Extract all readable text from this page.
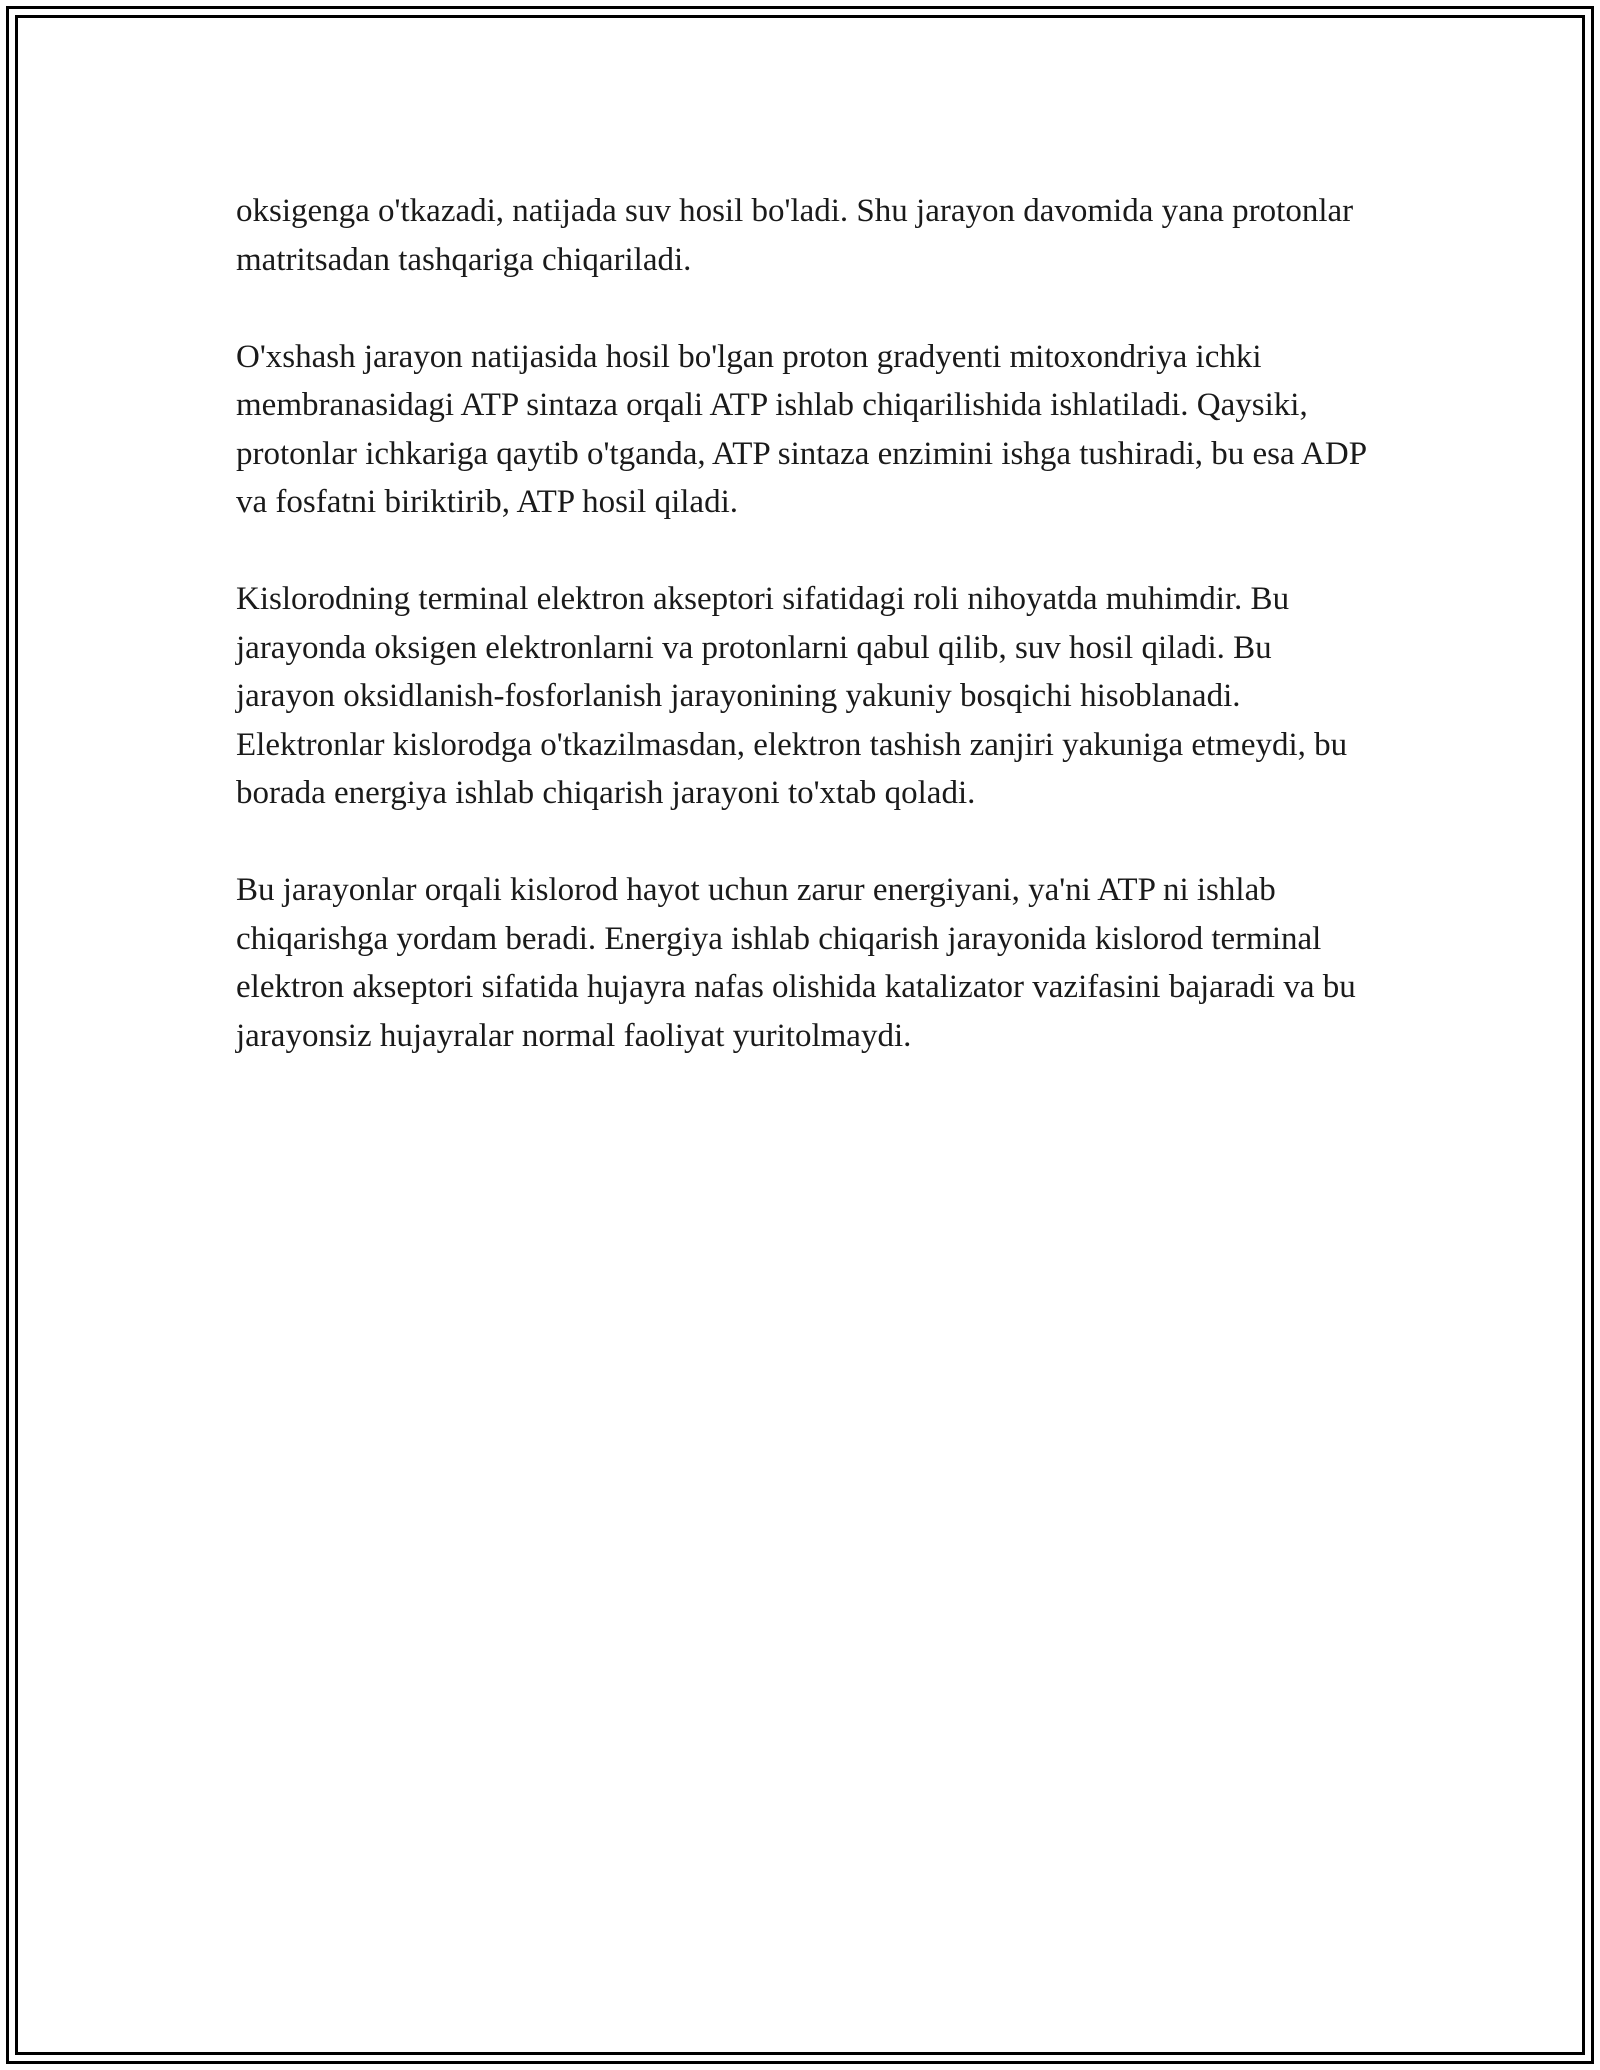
oksigenga o'tkazadi, natijada suv hosil bo'ladi. Shu jarayon davomida yana protonlar matritsadan tashqariga chiqariladi.

O'xshash jarayon natijasida hosil bo'lgan proton gradyenti mitoxondriya ichki membranasidagi ATP sintaza orqali ATP ishlab chiqarilishida ishlatiladi. Qaysiki, protonlar ichkariga qaytib o'tganda, ATP sintaza enzimini ishga tushiradi, bu esa ADP va fosfatni biriktirib, ATP hosil qiladi.

Kislorodning terminal elektron akseptori sifatidagi roli nihoyatda muhimdir. Bu jarayonda oksigen elektronlarni va protonlarni qabul qilib, suv hosil qiladi. Bu jarayon oksidlanish-fosforlanish jarayonining yakuniy bosqichi hisoblanadi. Elektronlar kislorodga o'tkazilmasdan, elektron tashish zanjiri yakuniga etmeydi, bu borada energiya ishlab chiqarish jarayoni to'xtab qoladi.

Bu jarayonlar orqali kislorod hayot uchun zarur energiyani, ya'ni ATP ni ishlab chiqarishga yordam beradi. Energiya ishlab chiqarish jarayonida kislorod terminal elektron akseptori sifatida hujayra nafas olishida katalizator vazifasini bajaradi va bu jarayonsiz hujayralar normal faoliyat yuritolmaydi.
